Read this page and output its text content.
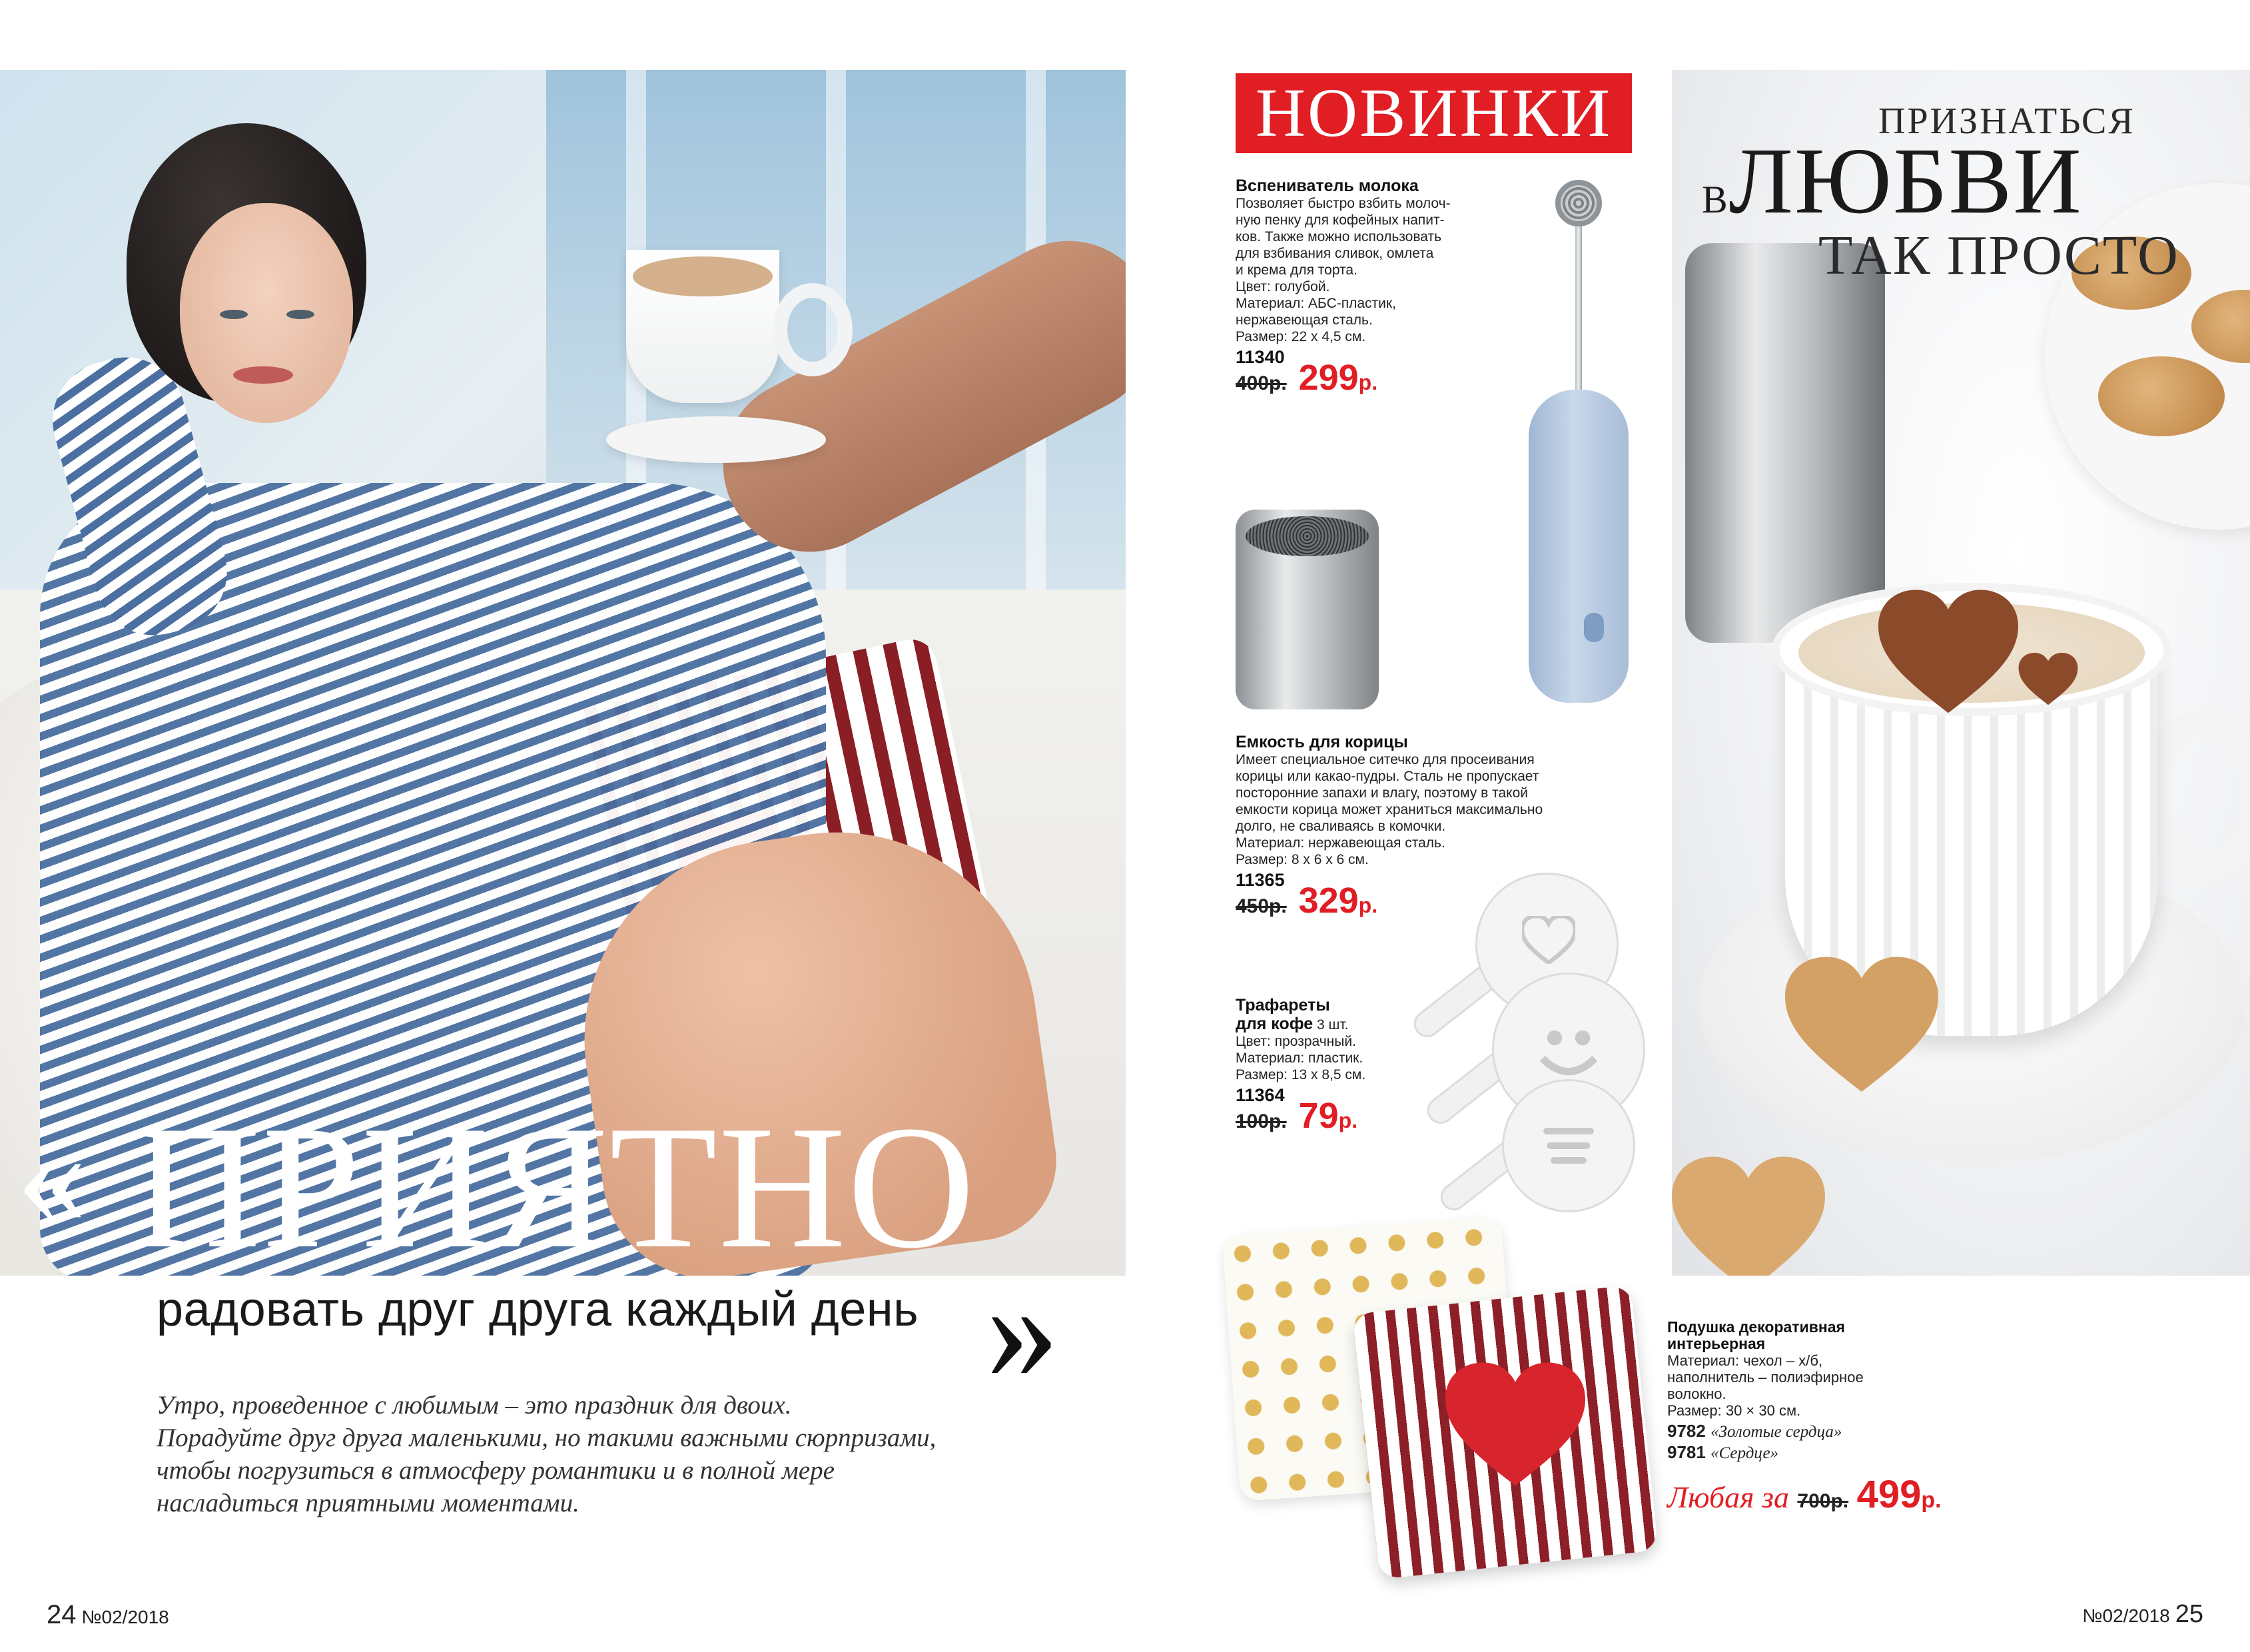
« ПРИЯТНО
радовать друг друга каждый день »
Утро, проведенное с любимым – это праздник для двоих.
Порадуйте друг друга маленькими, но такими важными сюрпризами,
чтобы погрузиться в атмосферу романтики и в полной мере
насладиться приятными моментами.
24 №02/2018
НОВИНКИ
Вспениватель молока
Позволяет быстро взбить молоч-
ную пенку для кофейных напит-
ков. Также можно использовать
для взбивания сливок, омлета
и крема для торта.
Цвет: голубой.
Материал: АБС-пластик,
нержавеющая сталь.
Размер: 22 х 4,5 см.
11340
400р. 299р.
Емкость для корицы
Имеет специальное ситечко для просеивания
корицы или какао-пудры. Сталь не пропускает
посторонние запахи и влагу, поэтому в такой
емкости корица может храниться максимально
долго, не сваливаясь в комочки.
Материал: нержавеющая сталь.
Размер: 8 х 6 х 6 см.
11365
450р. 329р.
Трафареты
для кофе 3 шт.
Цвет: прозрачный.
Материал: пластик.
Размер: 13 х 8,5 см.
11364
100р. 79р.
ПРИЗНАТЬСЯ
ВЛЮБВИ
ТАК ПРОСТО
Подушка декоративная
интерьерная
Материал: чехол – х/б,
наполнитель – полиэфирное
волокно.
Размер: 30 × 30 см.
9782 «Золотые сердца»
9781 «Сердце»
Любая за 700р. 499р.
№02/2018 25
